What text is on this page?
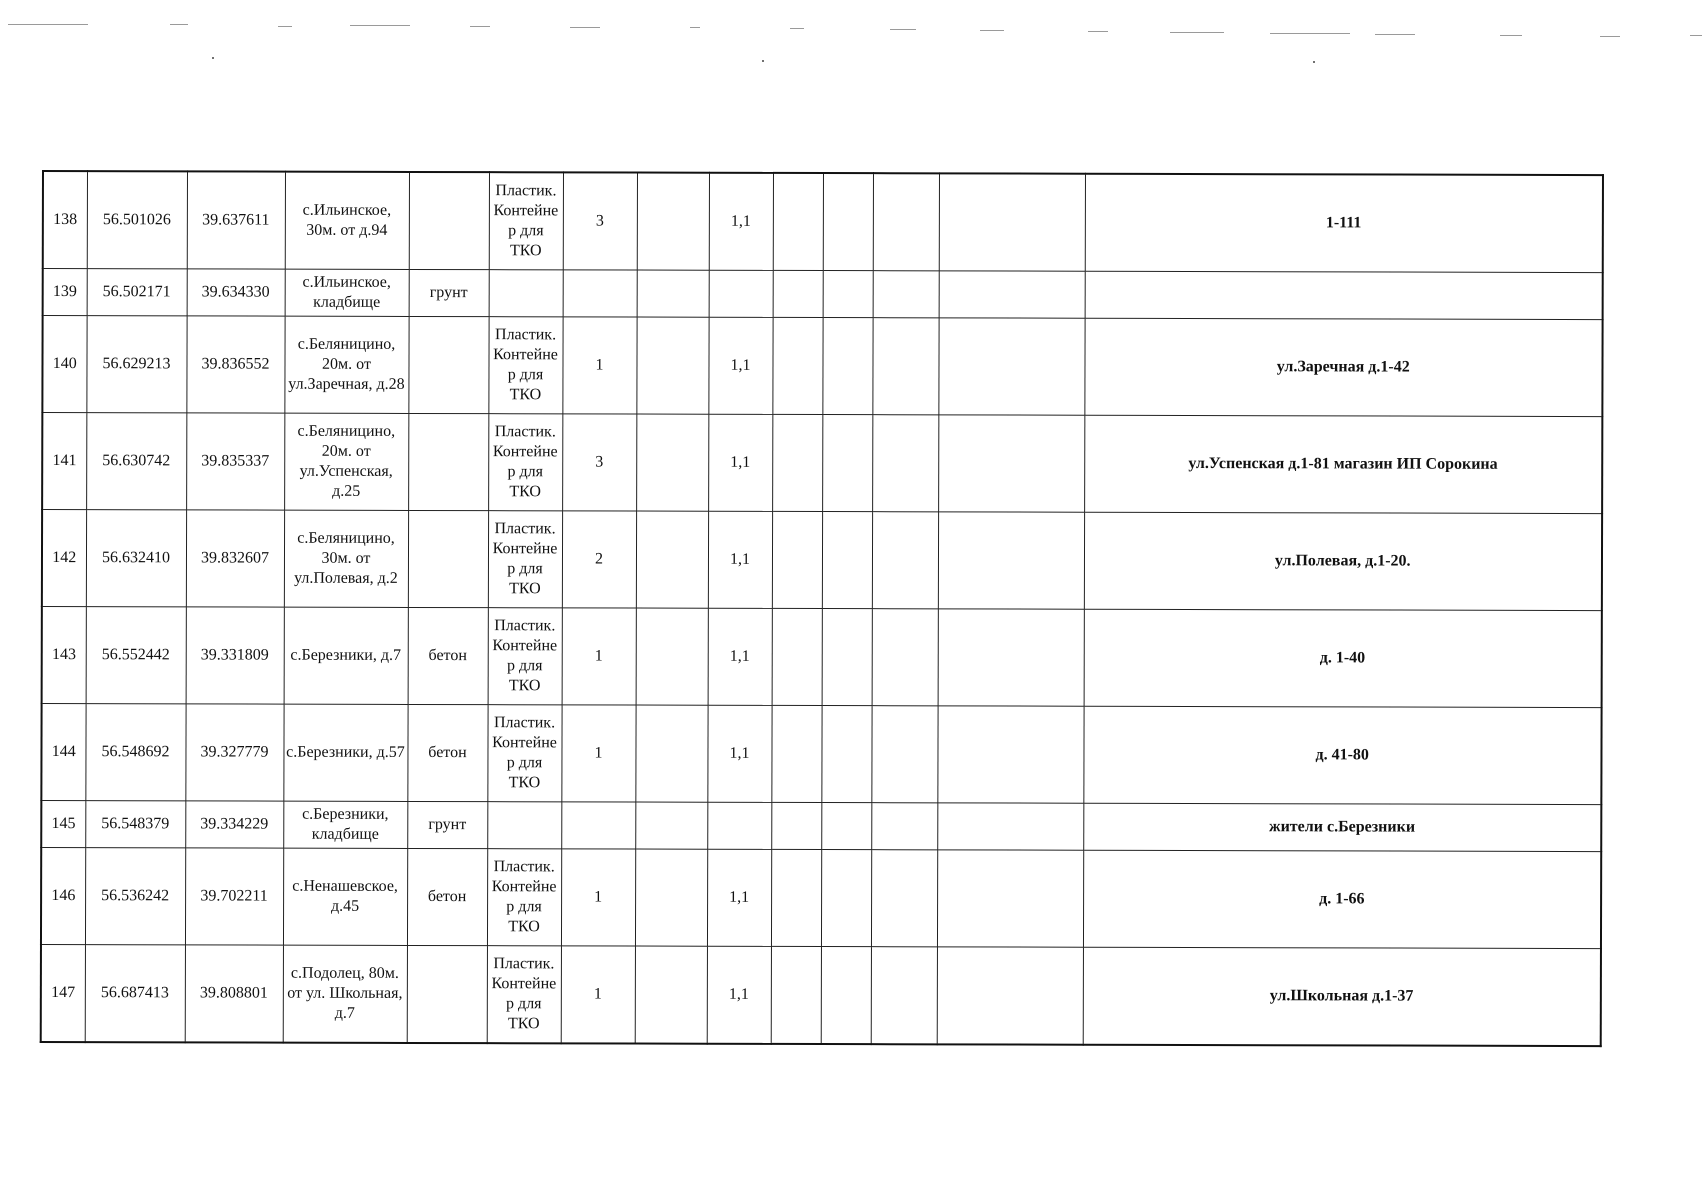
138	56.501026	39.637611	с.Ильинское, 30м. от д.94		Пластик. Контейнер для ТКО	3		1,1					1-111
139	56.502171	39.634330	с.Ильинское, кладбище	грунт									
140	56.629213	39.836552	с.Беляницино, 20м. от ул.Заречная, д.28		Пластик. Контейнер для ТКО	1		1,1					ул.Заречная д.1-42
141	56.630742	39.835337	с.Беляницино, 20м. от ул.Успенская, д.25		Пластик. Контейнер для ТКО	3		1,1					ул.Успенская д.1-81 магазин ИП Сорокина
142	56.632410	39.832607	с.Беляницино, 30м. от ул.Полевая, д.2		Пластик. Контейнер для ТКО	2		1,1					ул.Полевая, д.1-20.
143	56.552442	39.331809	с.Березники, д.7	бетон	Пластик. Контейнер для ТКО	1		1,1					д. 1-40
144	56.548692	39.327779	с.Березники, д.57	бетон	Пластик. Контейнер для ТКО	1		1,1					д. 41-80
145	56.548379	39.334229	с.Березники, кладбище	грунт									жители с.Березники
146	56.536242	39.702211	с.Ненашевское, д.45	бетон	Пластик. Контейнер для ТКО	1		1,1					д. 1-66
147	56.687413	39.808801	с.Подолец, 80м. от ул. Школьная, д.7		Пластик. Контейнер для ТКО	1		1,1					ул.Школьная д.1-37
